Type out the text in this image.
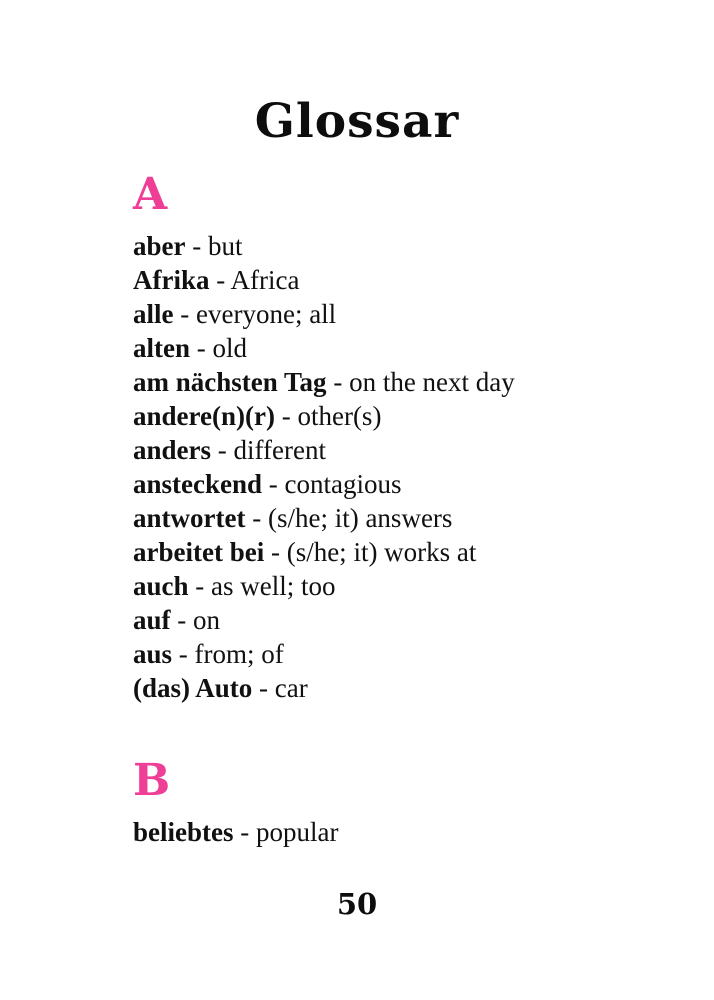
Glossar
A
aber - but
Afrika - Africa
alle - everyone; all
alten - old
am nächsten Tag - on the next day
andere(n)(r) - other(s)
anders - different
ansteckend - contagious
antwortet - (s/he; it) answers
arbeitet bei - (s/he; it) works at
auch - as well; too
auf - on
aus - from; of
(das) Auto - car
B
beliebtes - popular
50
